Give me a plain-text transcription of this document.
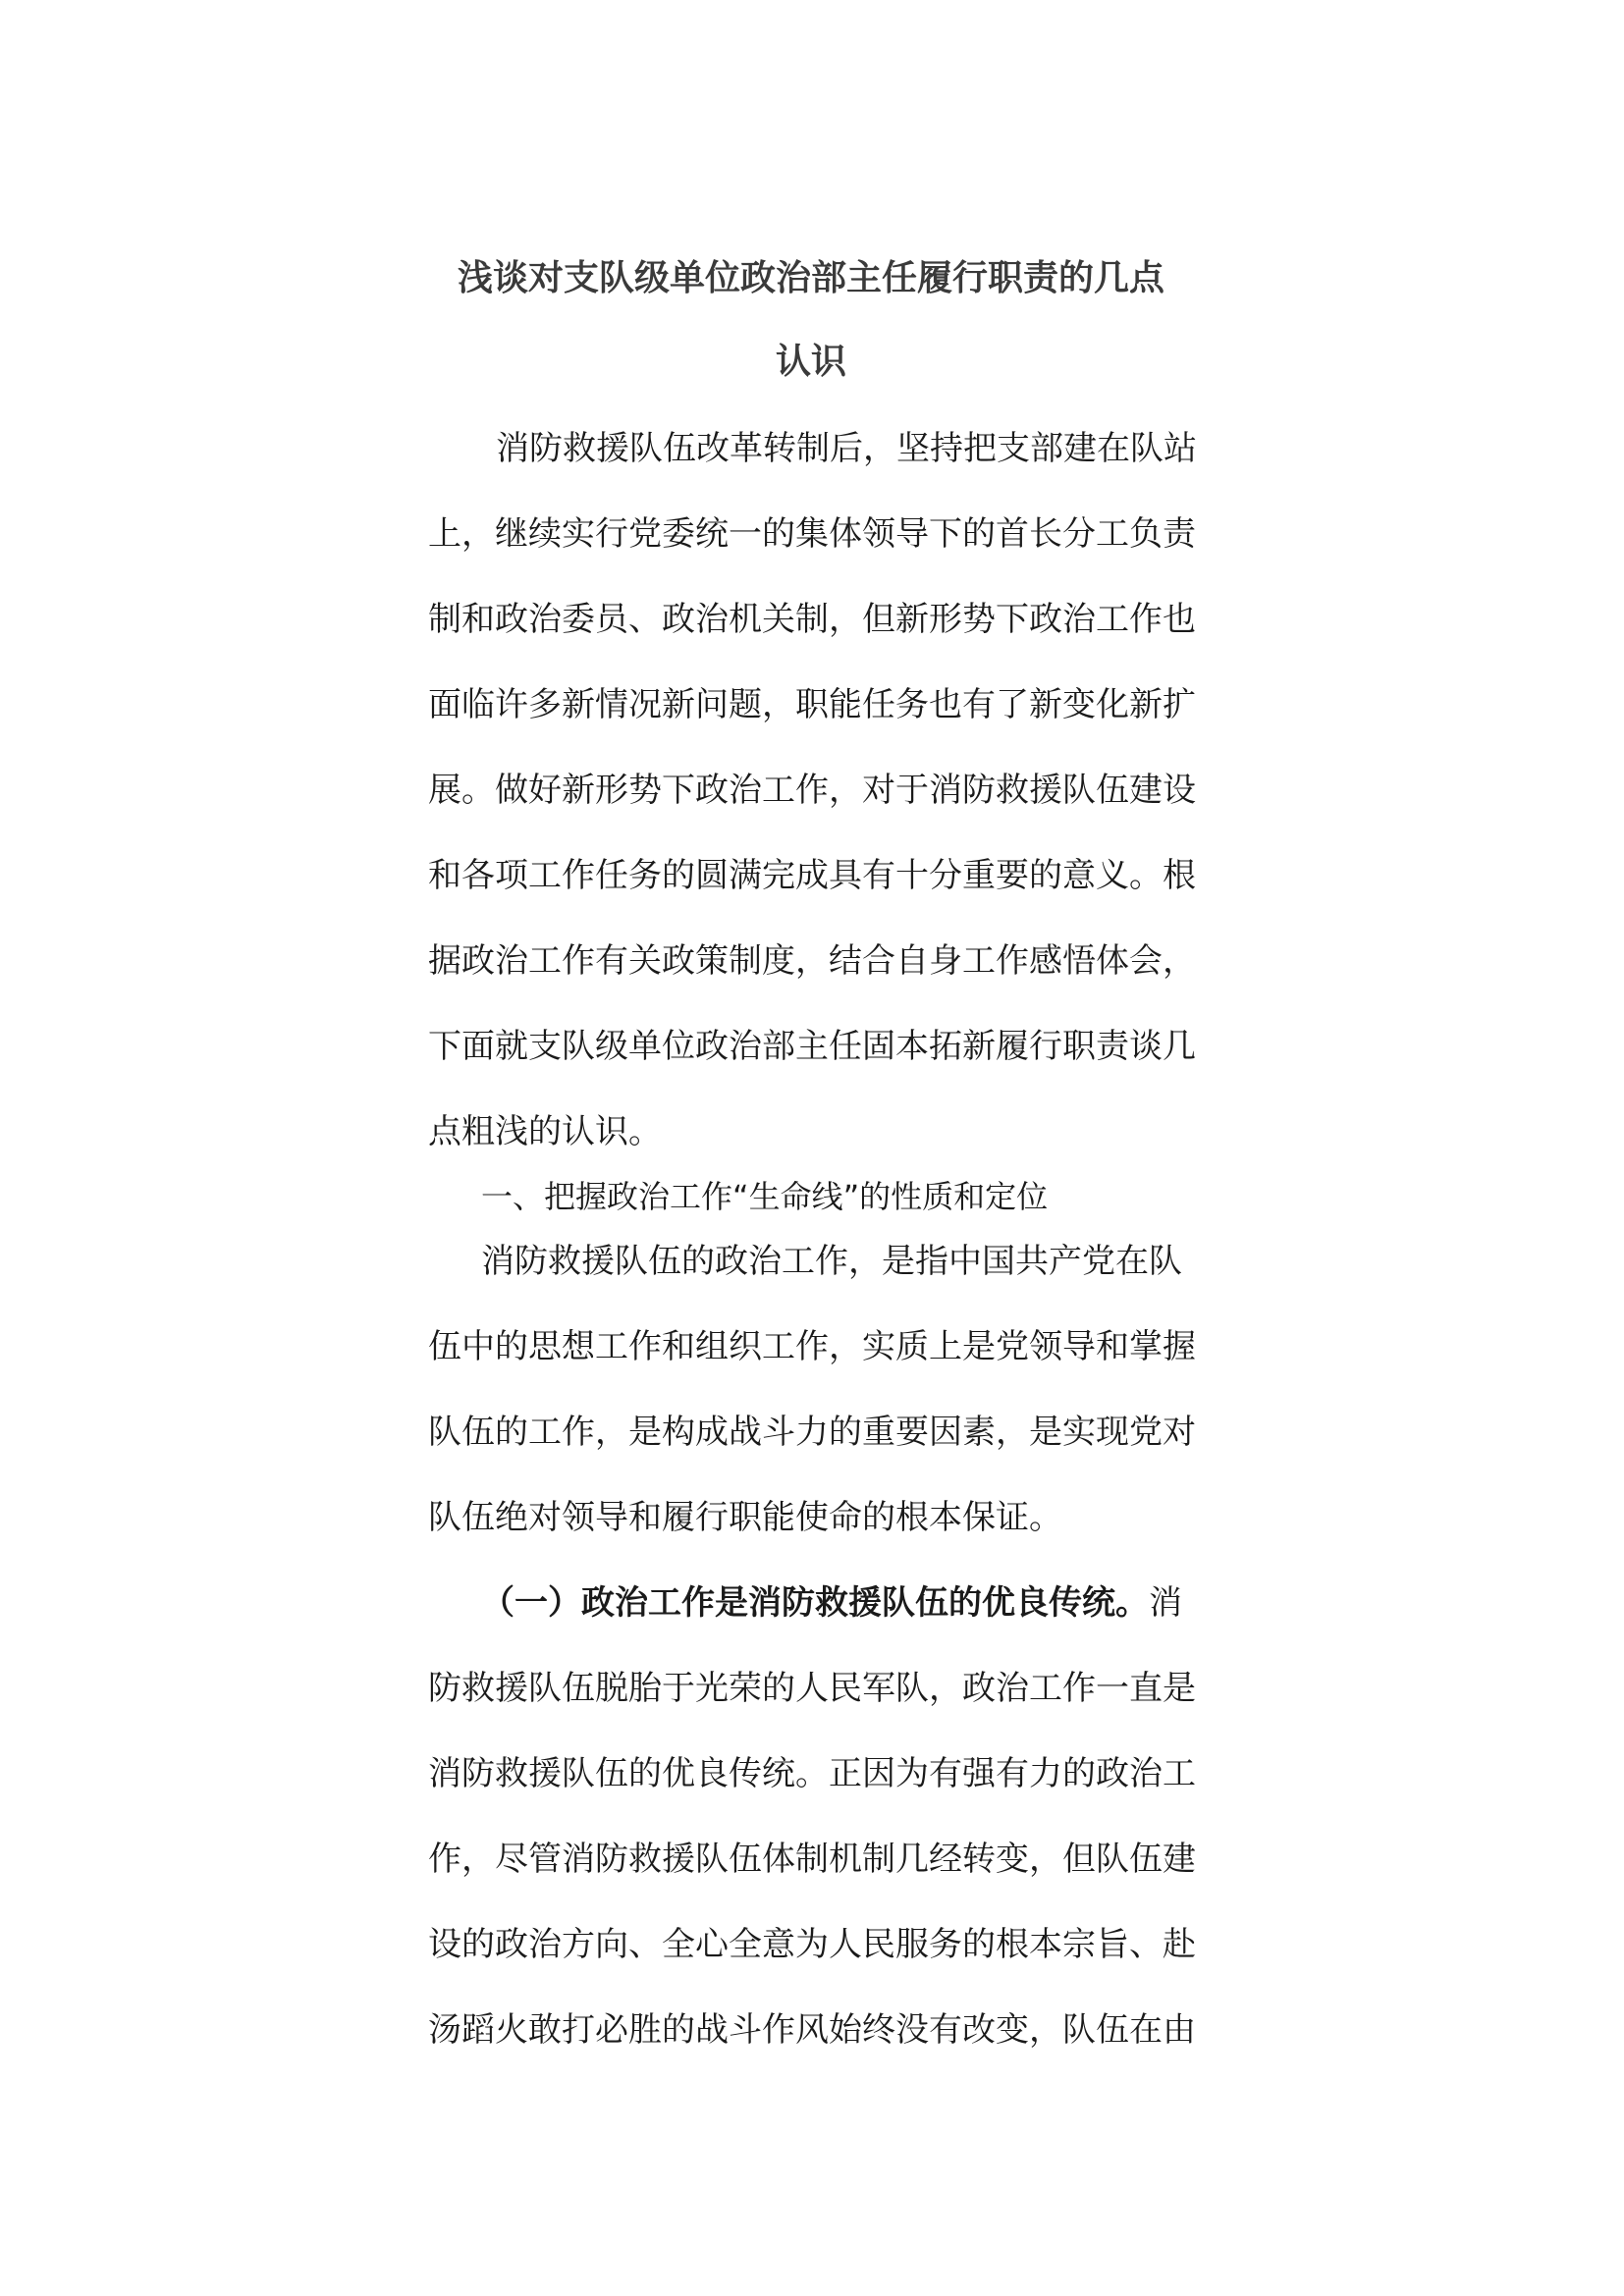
浅谈对支队级单位政治部主任履行职责的几点
认识
消防救援队伍改革转制后，坚持把支部建在队站
上，继续实行党委统一的集体领导下的首长分工负责
制和政治委员、政治机关制，但新形势下政治工作也
面临许多新情况新问题，职能任务也有了新变化新扩
展。做好新形势下政治工作，对于消防救援队伍建设
和各项工作任务的圆满完成具有十分重要的意义。根
据政治工作有关政策制度，结合自身工作感悟体会，
下面就支队级单位政治部主任固本拓新履行职责谈几
点粗浅的认识。
一、把握政治工作“生命线”的性质和定位
消防救援队伍的政治工作，是指中国共产党在队
伍中的思想工作和组织工作，实质上是党领导和掌握
队伍的工作，是构成战斗力的重要因素，是实现党对
队伍绝对领导和履行职能使命的根本保证。
（一）政治工作是消防救援队伍的优良传统。消
防救援队伍脱胎于光荣的人民军队，政治工作一直是
消防救援队伍的优良传统。正因为有强有力的政治工
作，尽管消防救援队伍体制机制几经转变，但队伍建
设的政治方向、全心全意为人民服务的根本宗旨、赴
汤蹈火敢打必胜的战斗作风始终没有改变，队伍在由
